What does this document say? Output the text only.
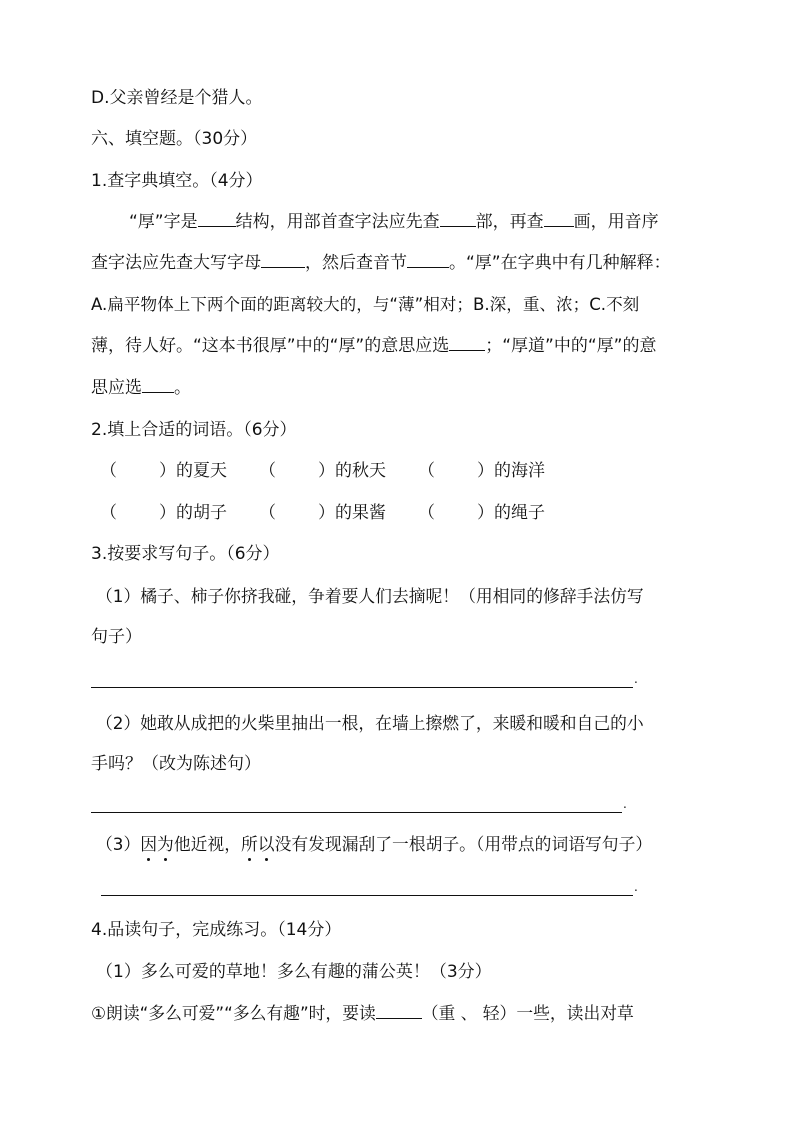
D.父亲曾经是个猎人。
六、填空题。（30分）
1.查字典填空。（4分）
“厚”字是 结构，用部首查字法应先查 部，再查 画，用音序
查字法应先查大写字母	，然后查音节 。“厚”在字典中有几种解释：
A.扁平物体上下两个面的距离较大的，与“薄”相对；B.深，重、浓；C.不刻
薄，待人好。“这本书很厚”中的“厚”的意思应选 ；“厚道”中的“厚”的意
思应选 。
2.填上合适的词语。（6分）
（ ）的夏天 （ ）的秋天 （ ）的海洋
（ ）的胡子 （ ）的果酱 （ ）的绳子
3.按要求写句子。（6分）
（1）橘子、柿子你挤我碰，争着要人们去摘呢！（用相同的修辞手法仿写
句子）
.
（2）她敢从成把的火柴里抽出一根，在墙上擦燃了，来暖和暖和自己的小
手吗？（改为陈述句）
.
（3）因为他近视，所以没有发现漏刮了一根胡子。（用带点的词语写句子）
.
4.品读句子，完成练习。（14分）
（1）多么可爱的草地！多么有趣的蒲公英！（3分）
①朗读“多么可爱”“多么有趣”时，要读	（重 、 轻）一些，读出对草
